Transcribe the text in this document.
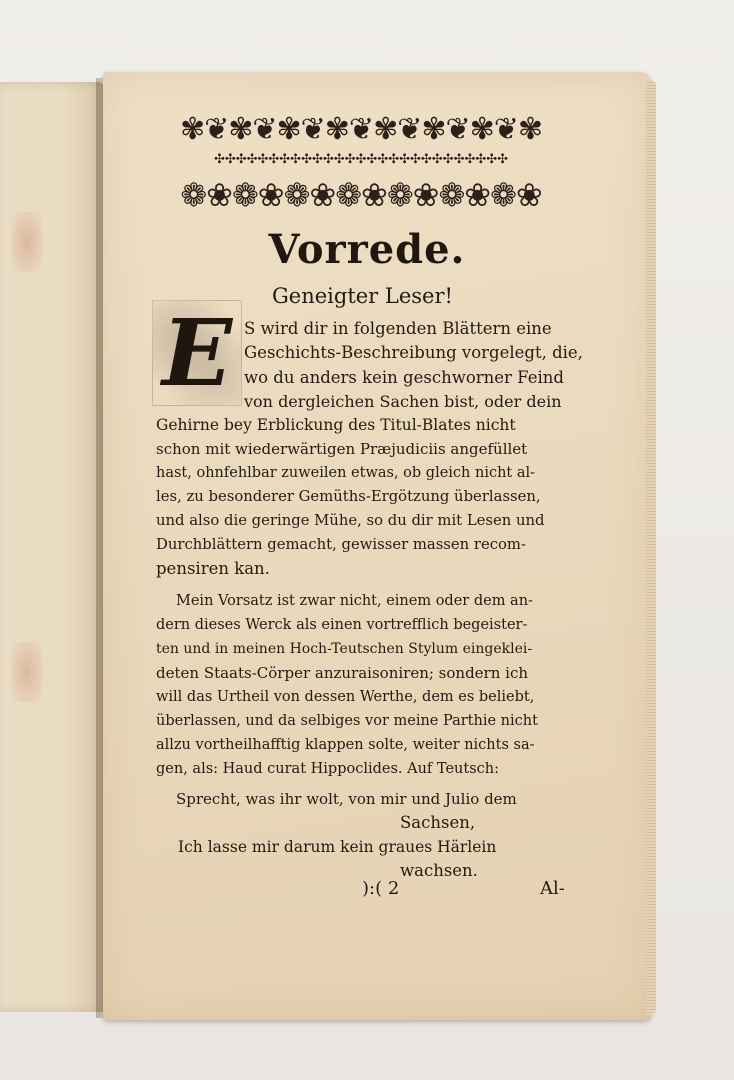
✾❦✾❦✾❦✾❦✾❦✾❦✾❦✾
✣✣✣✣✣✣✣✣✣✣✣✣✣✣✣✣✣✣✣✣✣✣✣✣✣✣✣
❁❀❁❀❁❀❁❀❁❀❁❀❁❀
Vorrede.
Geneigter Leser!
E S wird dir in folgenden Blättern eine
Geschichts-Beschreibung vorgelegt, die,
wo du anders kein geschworner Feind
von dergleichen Sachen bist, oder dein
Gehirne bey Erblickung des Titul-Blates nicht
schon mit wiederwärtigen Præjudiciis angefüllet
hast, ohnfehlbar zuweilen etwas, ob gleich nicht al-
les, zu besonderer Gemüths-Ergötzung überlassen,
und also die geringe Mühe, so du dir mit Lesen und
Durchblättern gemacht, gewisser massen recom-
pensiren kan.
Mein Vorsatz ist zwar nicht, einem oder dem an-
dern dieses Werck als einen vortrefflich begeister-
ten und in meinen Hoch-Teutschen Stylum eingeklei-
deten Staats-Cörper anzuraisoniren; sondern ich
will das Urtheil von dessen Werthe, dem es beliebt,
überlassen, und da selbiges vor meine Parthie nicht
allzu vortheilhafftig klappen solte, weiter nichts sa-
gen, als: Haud curat Hippoclides. Auf Teutsch:
Sprecht, was ihr wolt, von mir und Julio dem
Sachsen,
Ich lasse mir darum kein graues Härlein
wachsen.
):( 2	Al-
